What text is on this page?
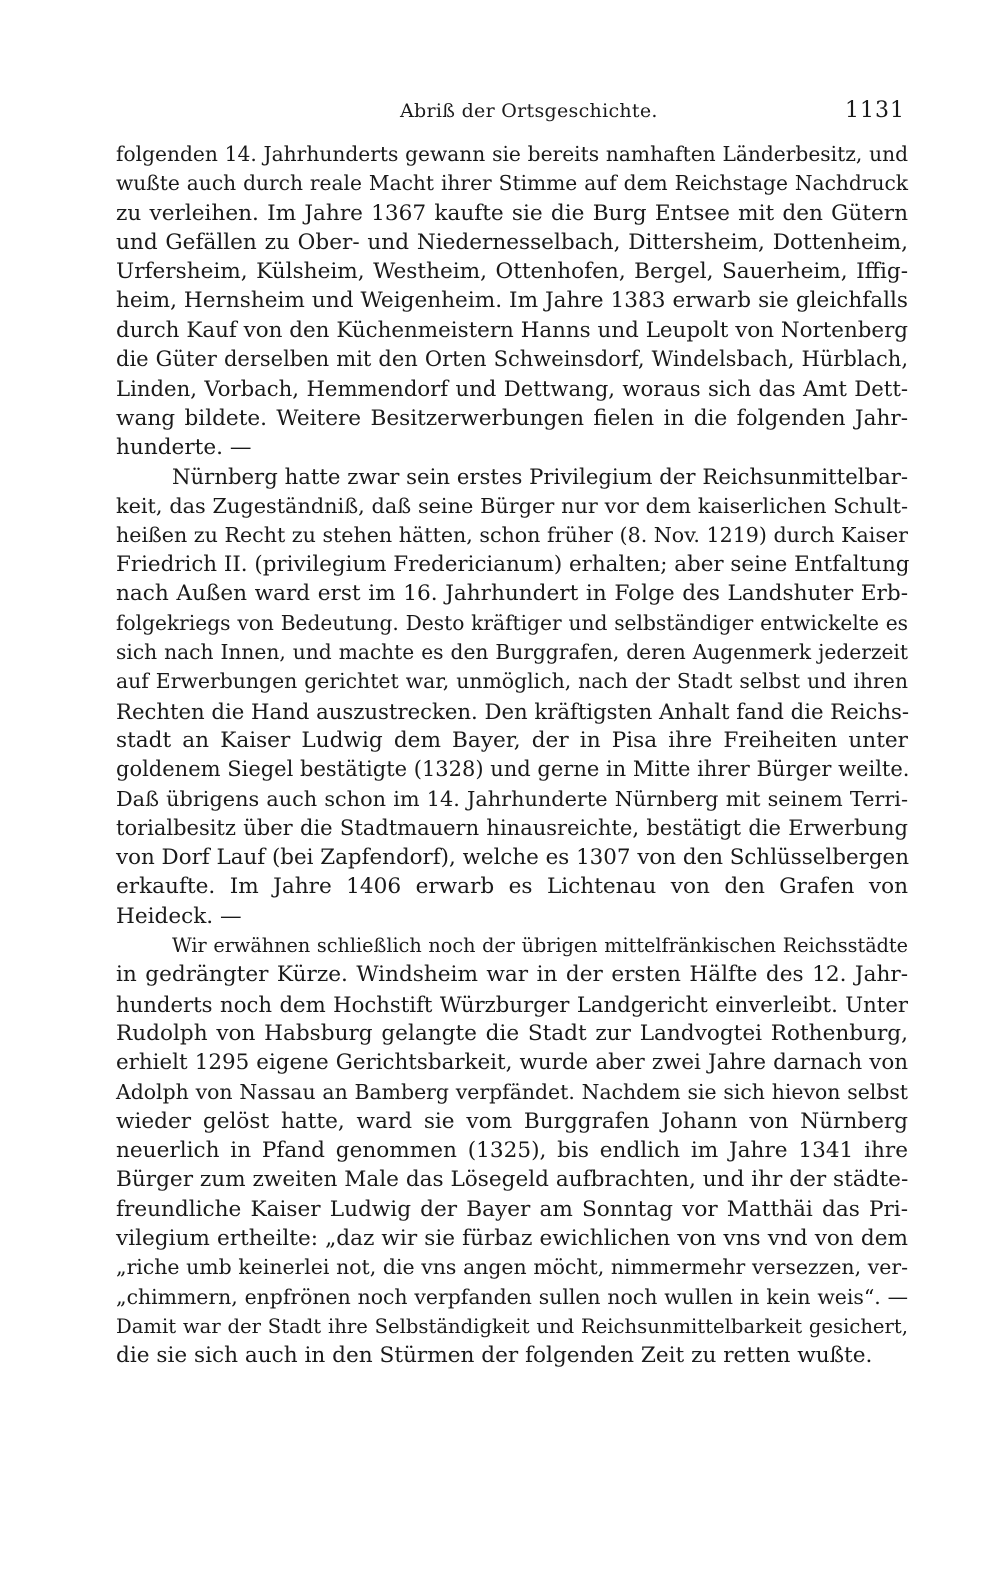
Abriß der Ortsgeschichte.	1131

folgenden 14. Jahrhunderts gewann sie bereits namhaften Länderbesitz, und
wußte auch durch reale Macht ihrer Stimme auf dem Reichstage Nachdruck
zu verleihen. Im Jahre 1367 kaufte sie die Burg Entsee mit den Gütern
und Gefällen zu Ober- und Niedernesselbach, Dittersheim, Dottenheim,
Urfersheim, Külsheim, Westheim, Ottenhofen, Bergel, Sauerheim, Iffig-
heim, Hernsheim und Weigenheim. Im Jahre 1383 erwarb sie gleichfalls
durch Kauf von den Küchenmeistern Hanns und Leupolt von Nortenberg
die Güter derselben mit den Orten Schweinsdorf, Windelsbach, Hürblach,
Linden, Vorbach, Hemmendorf und Dettwang, woraus sich das Amt Dett-
wang bildete. Weitere Besitzerwerbungen fielen in die folgenden Jahr-
hunderte. —

Nürnberg hatte zwar sein erstes Privilegium der Reichsunmittelbar-
keit, das Zugeständniß, daß seine Bürger nur vor dem kaiserlichen Schult-
heißen zu Recht zu stehen hätten, schon früher (8. Nov. 1219) durch Kaiser
Friedrich II. (privilegium Fredericianum) erhalten; aber seine Entfaltung
nach Außen ward erst im 16. Jahrhundert in Folge des Landshuter Erb-
folgekriegs von Bedeutung. Desto kräftiger und selbständiger entwickelte es
sich nach Innen, und machte es den Burggrafen, deren Augenmerk jederzeit
auf Erwerbungen gerichtet war, unmöglich, nach der Stadt selbst und ihren
Rechten die Hand auszustrecken. Den kräftigsten Anhalt fand die Reichs-
stadt an Kaiser Ludwig dem Bayer, der in Pisa ihre Freiheiten unter
goldenem Siegel bestätigte (1328) und gerne in Mitte ihrer Bürger weilte.
Daß übrigens auch schon im 14. Jahrhunderte Nürnberg mit seinem Terri-
torialbesitz über die Stadtmauern hinausreichte, bestätigt die Erwerbung
von Dorf Lauf (bei Zapfendorf), welche es 1307 von den Schlüsselbergen
erkaufte. Im Jahre 1406 erwarb es Lichtenau von den Grafen von
Heideck. —

Wir erwähnen schließlich noch der übrigen mittelfränkischen Reichsstädte
in gedrängter Kürze. Windsheim war in der ersten Hälfte des 12. Jahr-
hunderts noch dem Hochstift Würzburger Landgericht einverleibt. Unter
Rudolph von Habsburg gelangte die Stadt zur Landvogtei Rothenburg,
erhielt 1295 eigene Gerichtsbarkeit, wurde aber zwei Jahre darnach von
Adolph von Nassau an Bamberg verpfändet. Nachdem sie sich hievon selbst
wieder gelöst hatte, ward sie vom Burggrafen Johann von Nürnberg
neuerlich in Pfand genommen (1325), bis endlich im Jahre 1341 ihre
Bürger zum zweiten Male das Lösegeld aufbrachten, und ihr der städte-
freundliche Kaiser Ludwig der Bayer am Sonntag vor Matthäi das Pri-
vilegium ertheilte: „daz wir sie fürbaz ewichlichen von vns vnd von dem
„riche umb keinerlei not, die vns angen möcht, nimmermehr versezzen, ver-
„chimmern, enpfrönen noch verpfanden sullen noch wullen in kein weis“. —
Damit war der Stadt ihre Selbständigkeit und Reichsunmittelbarkeit gesichert,
die sie sich auch in den Stürmen der folgenden Zeit zu retten wußte.
